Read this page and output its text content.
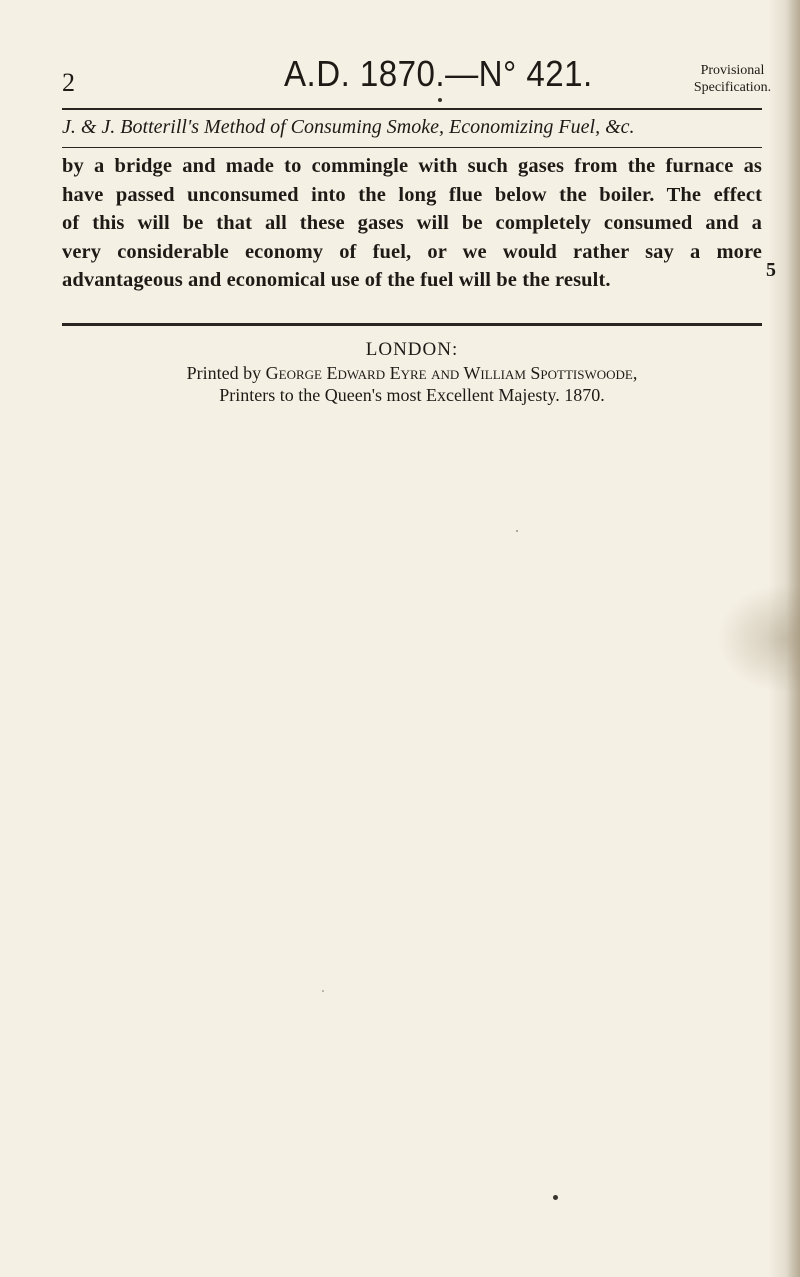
2	A.D. 1870.—N° 421.	Provisional
Specification.
J. & J. Botterill's Method of Consuming Smoke, Economizing Fuel, &c.
by a bridge and made to commingle with such gases from the furnace as
have passed unconsumed into the long flue below the boiler. The effect
of this will be that all these gases will be completely consumed and a
very considerable economy of fuel, or we would rather say a more
advantageous and economical use of the fuel will be the result.	5
LONDON:
Printed by George Edward Eyre and William Spottiswoode,
Printers to the Queen's most Excellent Majesty. 1870.
